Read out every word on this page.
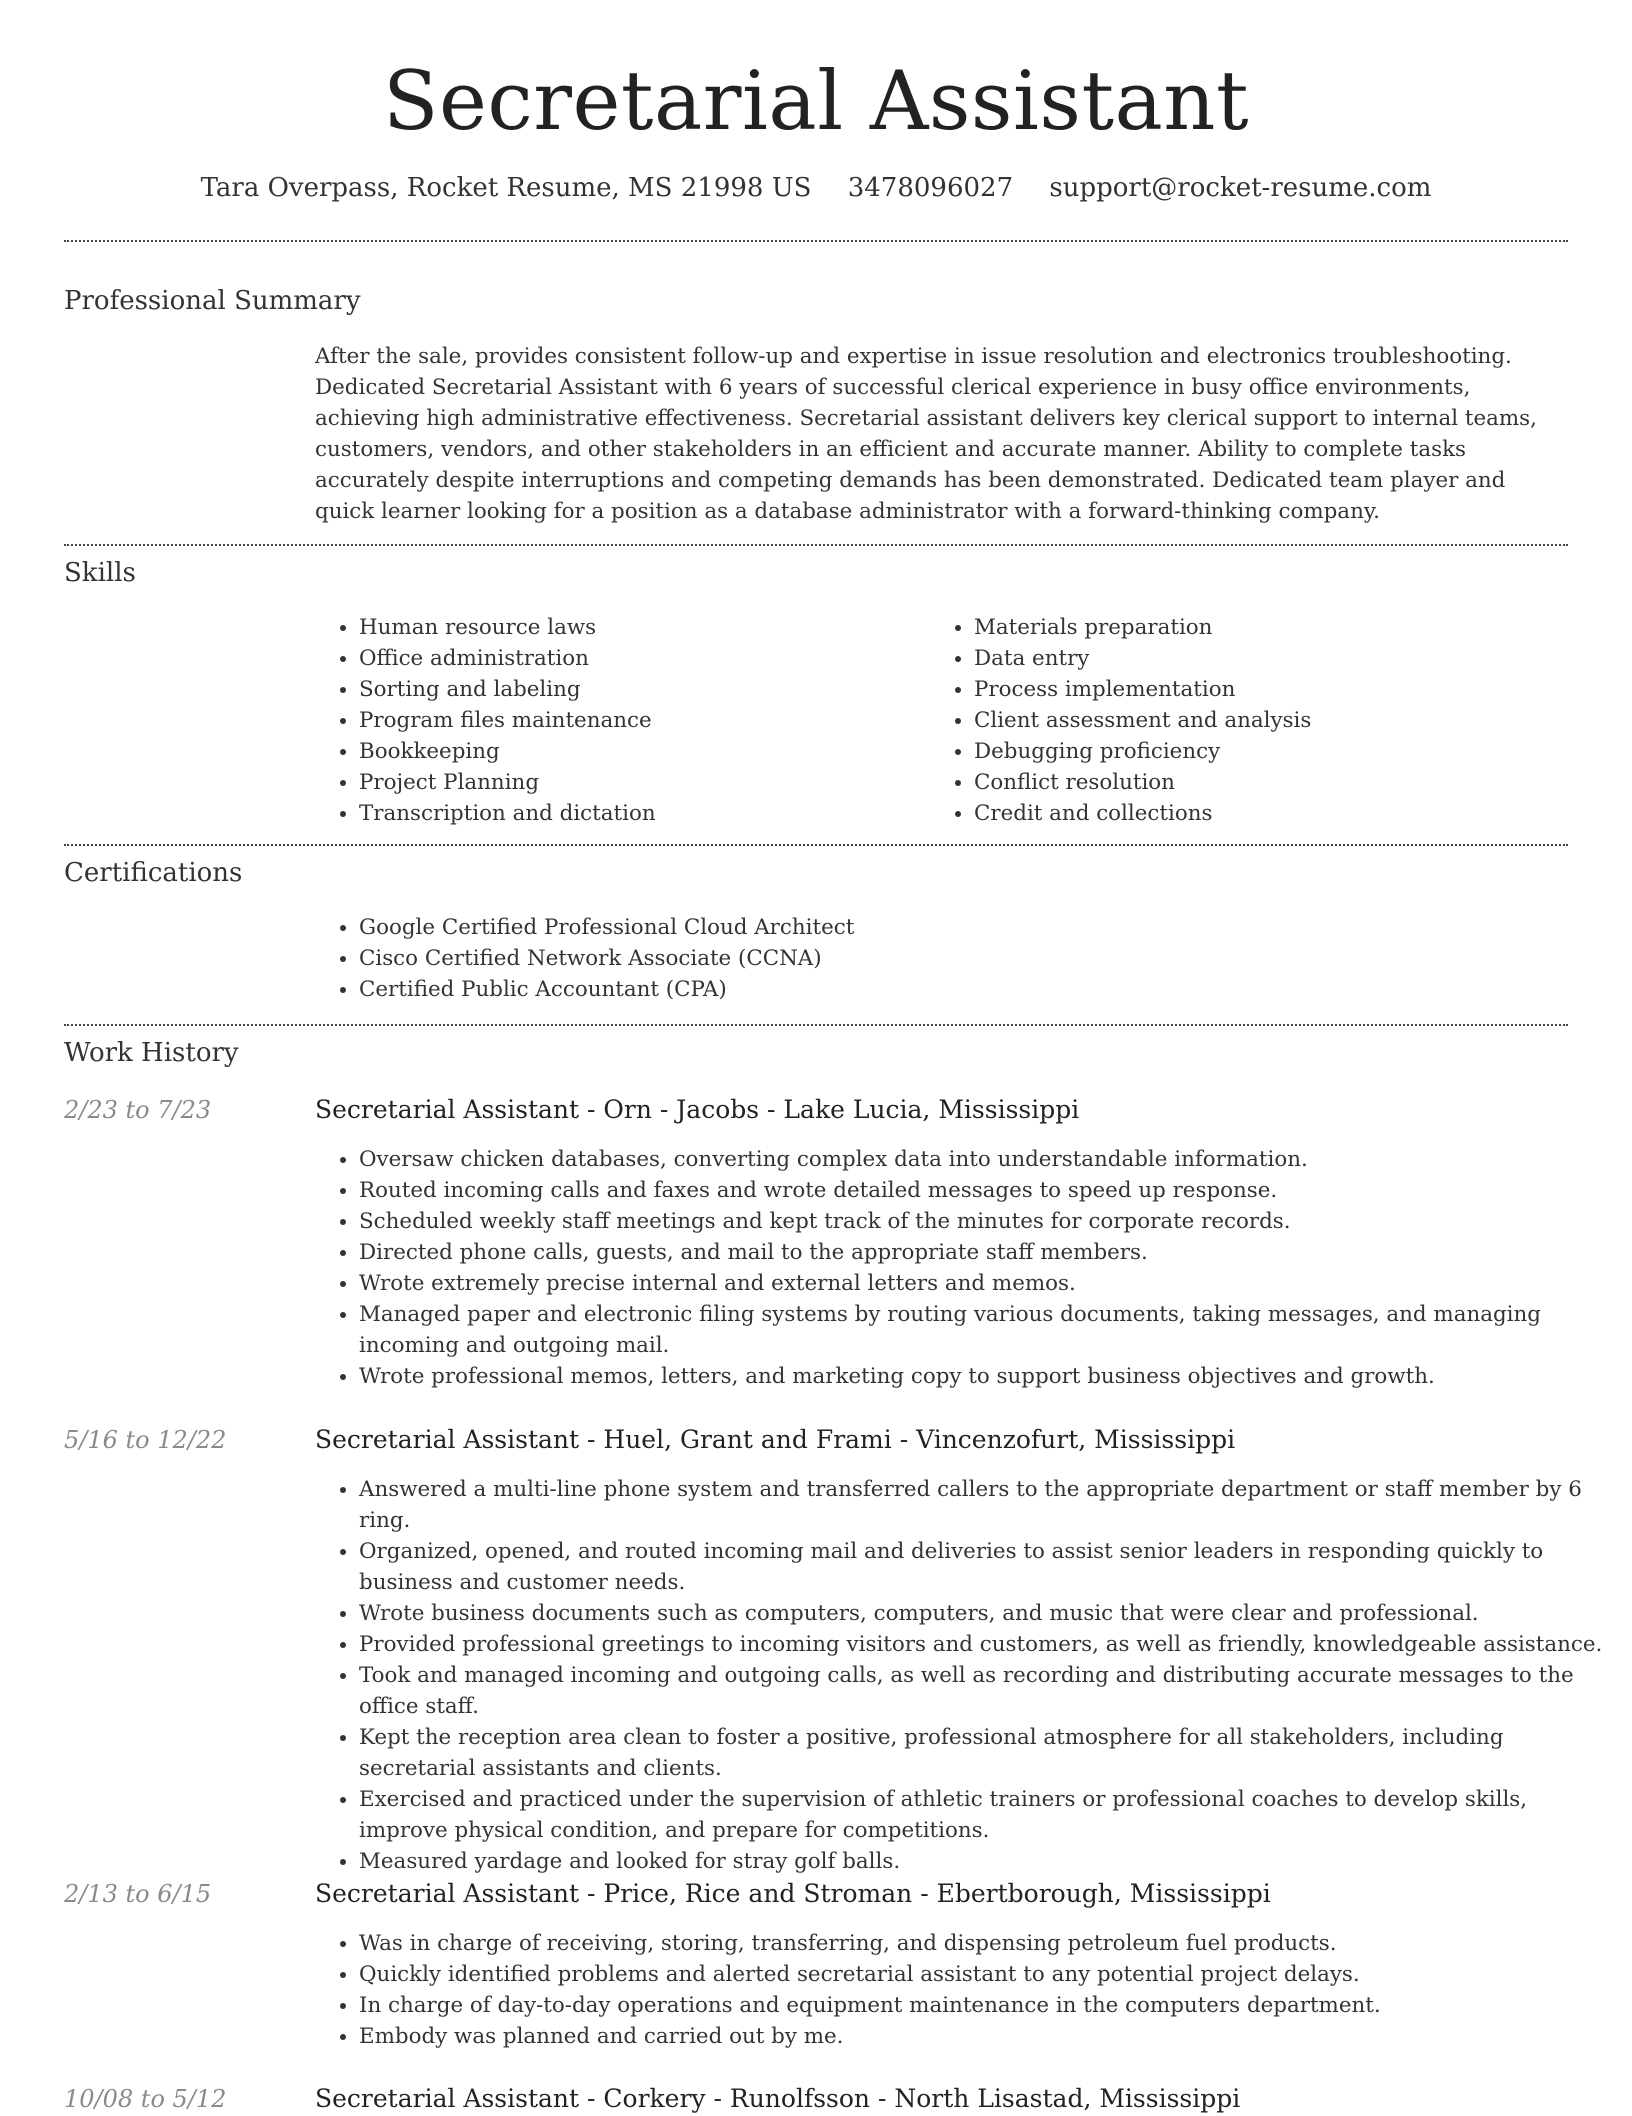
Secretarial Assistant
Tara Overpass, Rocket Resume, MS 21998 US 3478096027 support@rocket-resume.com
Professional Summary
After the sale, provides consistent follow-up and expertise in issue resolution and electronics troubleshooting. Dedicated Secretarial Assistant with 6 years of successful clerical experience in busy office environments, achieving high administrative effectiveness. Secretarial assistant delivers key clerical support to internal teams, customers, vendors, and other stakeholders in an efficient and accurate manner. Ability to complete tasks accurately despite interruptions and competing demands has been demonstrated. Dedicated team player and quick learner looking for a position as a database administrator with a forward-thinking company.
Skills
• Human resource laws
• Office administration
• Sorting and labeling
• Program files maintenance
• Bookkeeping
• Project Planning
• Transcription and dictation
• Materials preparation
• Data entry
• Process implementation
• Client assessment and analysis
• Debugging proficiency
• Conflict resolution
• Credit and collections
Certifications
• Google Certified Professional Cloud Architect
• Cisco Certified Network Associate (CCNA)
• Certified Public Accountant (CPA)
Work History
2/23 to 7/23	Secretarial Assistant - Orn - Jacobs - Lake Lucia, Mississippi
• Oversaw chicken databases, converting complex data into understandable information.
• Routed incoming calls and faxes and wrote detailed messages to speed up response.
• Scheduled weekly staff meetings and kept track of the minutes for corporate records.
• Directed phone calls, guests, and mail to the appropriate staff members.
• Wrote extremely precise internal and external letters and memos.
• Managed paper and electronic filing systems by routing various documents, taking messages, and managing incoming and outgoing mail.
• Wrote professional memos, letters, and marketing copy to support business objectives and growth.
5/16 to 12/22	Secretarial Assistant - Huel, Grant and Frami - Vincenzofurt, Mississippi
• Answered a multi-line phone system and transferred callers to the appropriate department or staff member by 6 ring.
• Organized, opened, and routed incoming mail and deliveries to assist senior leaders in responding quickly to business and customer needs.
• Wrote business documents such as computers, computers, and music that were clear and professional.
• Provided professional greetings to incoming visitors and customers, as well as friendly, knowledgeable assistance.
• Took and managed incoming and outgoing calls, as well as recording and distributing accurate messages to the office staff.
• Kept the reception area clean to foster a positive, professional atmosphere for all stakeholders, including secretarial assistants and clients.
• Exercised and practiced under the supervision of athletic trainers or professional coaches to develop skills, improve physical condition, and prepare for competitions.
• Measured yardage and looked for stray golf balls.
2/13 to 6/15	Secretarial Assistant - Price, Rice and Stroman - Ebertborough, Mississippi
• Was in charge of receiving, storing, transferring, and dispensing petroleum fuel products.
• Quickly identified problems and alerted secretarial assistant to any potential project delays.
• In charge of day-to-day operations and equipment maintenance in the computers department.
• Embody was planned and carried out by me.
10/08 to 5/12	Secretarial Assistant - Corkery - Runolfsson - North Lisastad, Mississippi
